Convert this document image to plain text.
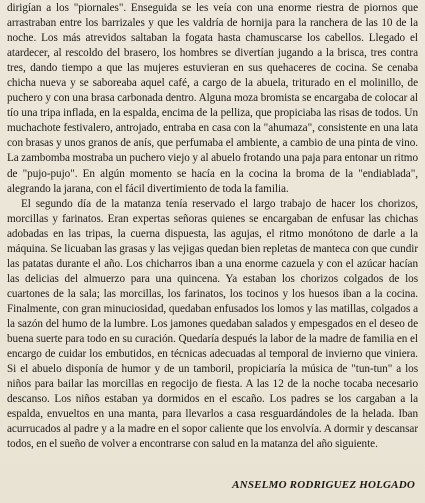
dirigían a los "piornales". Enseguida se les veía con una enorme riestra de piornos que arrastraban entre los barrizales y que les valdría de hornija para la ranchera de las 10 de la noche. Los más atrevidos saltaban la fogata hasta chamuscarse los cabellos. Llegado el atardecer, al rescoldo del brasero, los hombres se divertían jugando a la brisca, tres contra tres, dando tiempo a que las mujeres estuvieran en sus quehaceres de cocina. Se cenaba chicha nueva y se saboreaba aquel café, a cargo de la abuela, triturado en el molinillo, de puchero y con una brasa carbonada dentro. Alguna moza bromista se encargaba de colocar al tío una tripa inflada, en la espalda, encima de la pelliza, que propiciaba las risas de todos. Un muchachote festivalero, antrojado, entraba en casa con la "ahumaza", consistente en una lata con brasas y unos granos de anís, que perfumaba el ambiente, a cambio de una pinta de vino. La zambomba mostraba un puchero viejo y al abuelo frotando una paja para entonar un ritmo de "pujo-pujo". En algún momento se hacía en la cocina la broma de la "endiablada", alegrando la jarana, con el fácil divertimiento de toda la familia.

El segundo día de la matanza tenía reservado el largo trabajo de hacer los chorizos, morcillas y farinatos. Eran expertas señoras quienes se encargaban de enfusar las chichas adobadas en las tripas, la cuerna dispuesta, las agujas, el ritmo monótono de darle a la máquina. Se licuaban las grasas y las vejigas quedan bien repletas de manteca con que cundir las patatas durante el año. Los chicharros iban a una enorme cazuela y con el azúcar hacían las delicias del almuerzo para una quincena. Ya estaban los chorizos colgados de los cuartones de la sala; las morcillas, los farinatos, los tocinos y los huesos iban a la cocina. Finalmente, con gran minuciosidad, quedaban enfusados los lomos y las matillas, colgados a la sazón del humo de la lumbre. Los jamones quedaban salados y empesgados en el deseo de buena suerte para todo en su curación. Quedaría después la labor de la madre de familia en el encargo de cuidar los embutidos, en técnicas adecuadas al temporal de invierno que viniera. Si el abuelo disponía de humor y de un tamboril, propiciaría la música de "tun-tun" a los niños para bailar las morcillas en regocijo de fiesta. A las 12 de la noche tocaba necesario descanso. Los niños estaban ya dormidos en el escaño. Los padres se los cargaban a la espalda, envueltos en una manta, para llevarlos a casa resguardándoles de la helada. Iban acurrucados al padre y a la madre en el sopor caliente que los envolvía. A dormir y descansar todos, en el sueño de volver a encontrarse con salud en la matanza del año siguiente.

ANSELMO RODRIGUEZ HOLGADO
